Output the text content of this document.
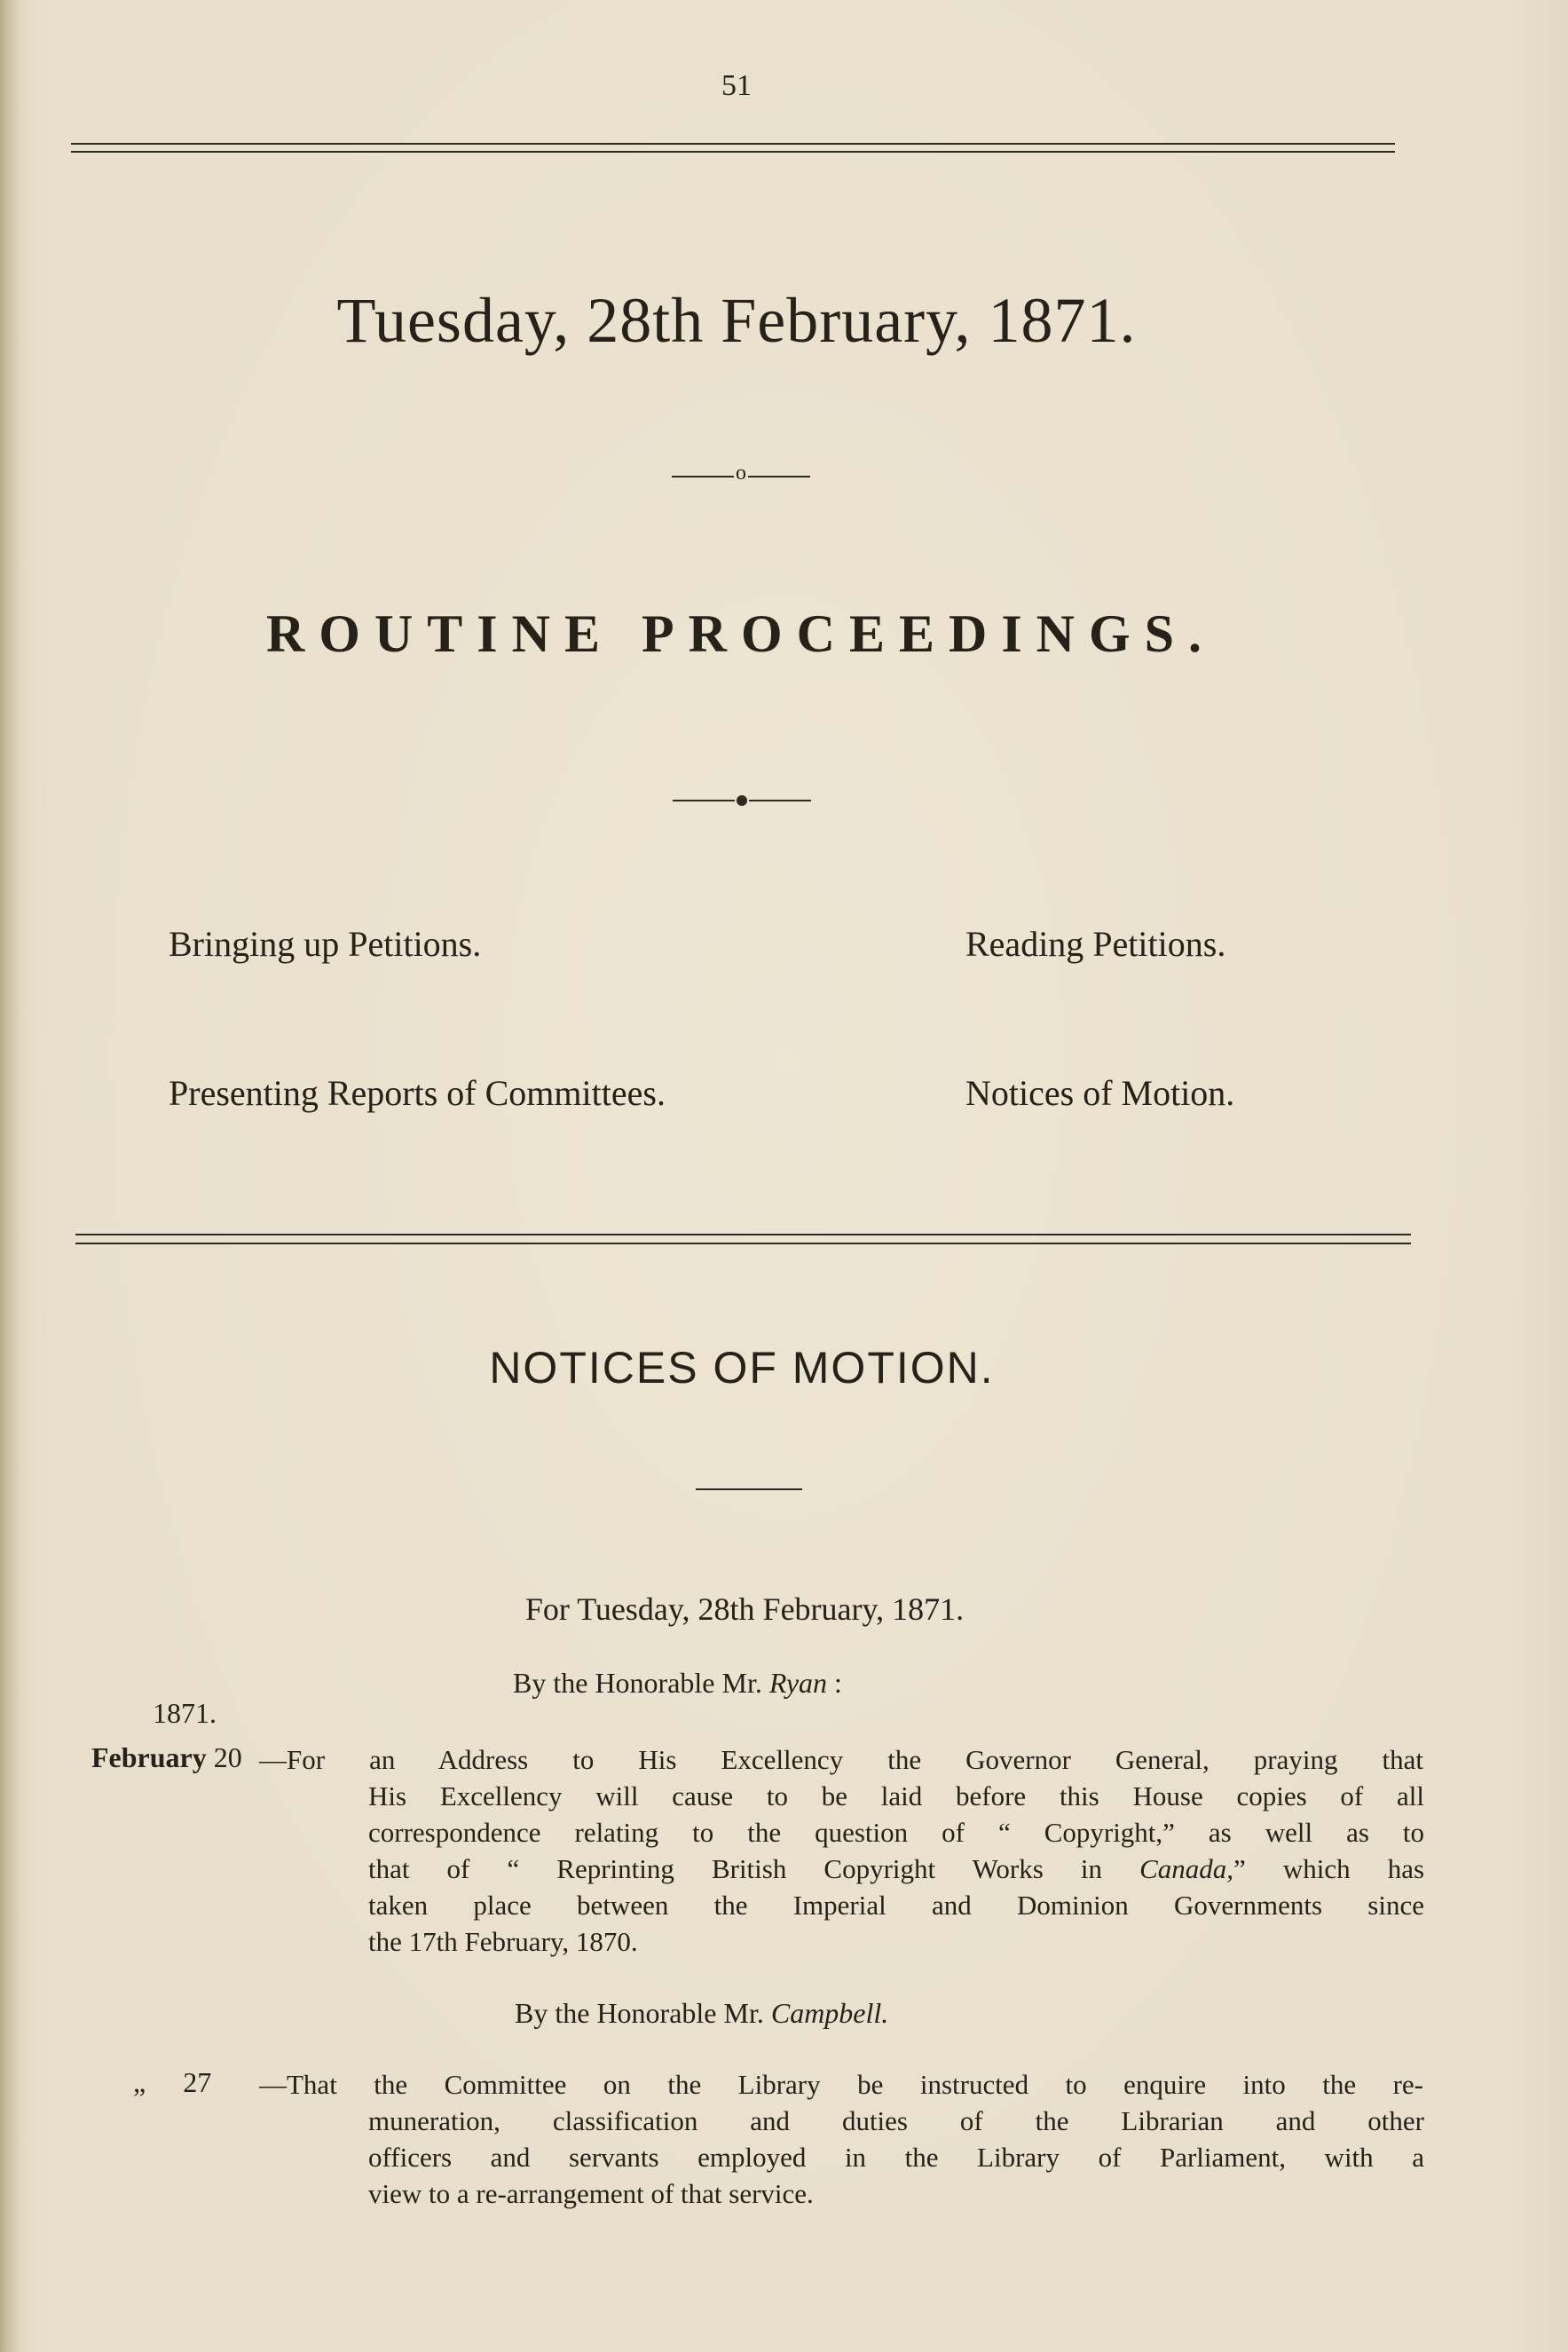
51
Tuesday, 28th February, 1871.
o
ROUTINE PROCEEDINGS.
Bringing up Petitions.	Reading Petitions.
Presenting Reports of Committees.	Notices of Motion.
NOTICES OF MOTION.
For Tuesday, 28th February, 1871.
By the Honorable Mr. Ryan :
1871.
February 20 —For an Address to His Excellency the Governor General, praying that
His Excellency will cause to be laid before this House copies of all
correspondence relating to the question of “ Copyright,” as well as to
that of “ Reprinting British Copyright Works in Canada,” which has
taken place between the Imperial and Dominion Governments since
the 17th February, 1870.
By the Honorable Mr. Campbell.
„ 27 —That the Committee on the Library be instructed to enquire into the re-
muneration, classification and duties of the Librarian and other
officers and servants employed in the Library of Parliament, with a
view to a re-arrangement of that service.
